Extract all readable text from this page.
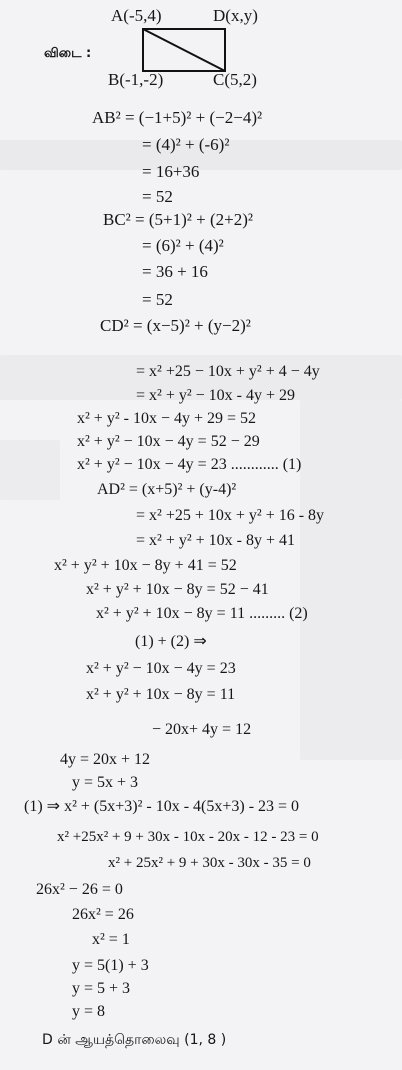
A(-5,4)	D(x,y)
விடை :
B(-1,-2)	C(5,2)
AB² = (−1+5)² + (−2−4)²
= (4)² + (-6)²
= 16+36
= 52
BC² = (5+1)² + (2+2)²
= (6)² + (4)²
= 36 + 16
= 52
CD² = (x−5)² + (y−2)²
= x² +25 − 10x + y² + 4 − 4y
= x² + y² − 10x - 4y + 29
x² + y² - 10x − 4y + 29 = 52
x² + y² − 10x − 4y = 52 − 29
x² + y² − 10x − 4y = 23 ............ (1)
AD² = (x+5)² + (y-4)²
= x² +25 + 10x + y² + 16 - 8y
= x² + y² + 10x - 8y + 41
x² + y² + 10x − 8y + 41 = 52
x² + y² + 10x − 8y = 52 − 41
x² + y² + 10x − 8y = 11 ......... (2)
(1) + (2) ⇒
x² + y² − 10x − 4y = 23
x² + y² + 10x − 8y = 11
− 20x+ 4y = 12
4y = 20x + 12
y = 5x + 3
(1) ⇒ x² + (5x+3)² - 10x - 4(5x+3) - 23 = 0
x² +25x² + 9 + 30x - 10x - 20x - 12 - 23 = 0
x² + 25x² + 9 + 30x - 30x - 35 = 0
26x² − 26 = 0
26x² = 26
x² = 1
y = 5(1) + 3
y = 5 + 3
y = 8
D ன் ஆயத்தொலைவு (1, 8 )
